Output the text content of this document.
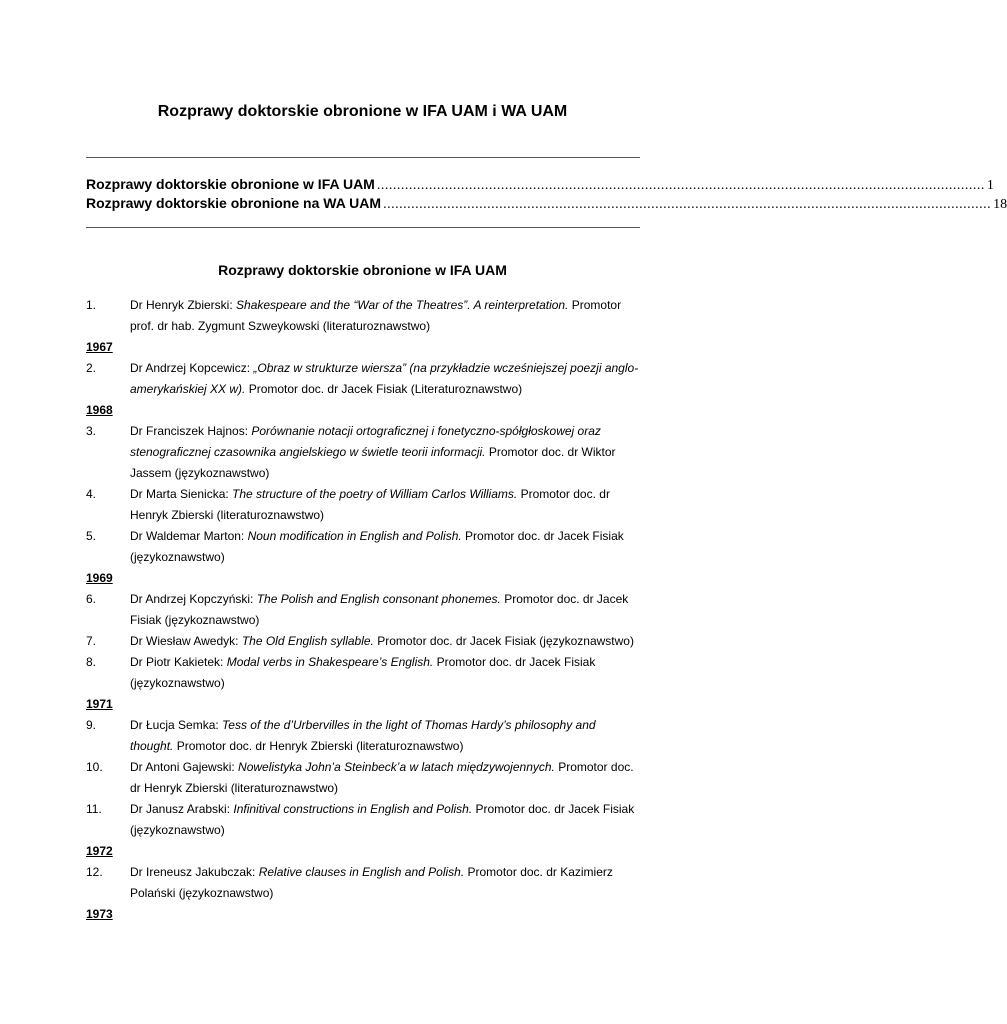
Rozprawy doktorskie obronione w IFA UAM i WA UAM
Rozprawy doktorskie obronione w IFA UAM ........................................................................................................................................................ 1
Rozprawy doktorskie obronione na WA UAM ........................................................................................................................................................ 18
Rozprawy doktorskie obronione w IFA UAM
1.	Dr Henryk Zbierski: Shakespeare and the “War of the Theatres”. A reinterpretation. Promotor prof. dr hab. Zygmunt Szweykowski (literaturoznawstwo)
1967
2.	Dr Andrzej Kopcewicz: „Obraz w strukturze wiersza” (na przykładzie wcześniejszej poezji anglo-amerykańskiej XX w). Promotor doc. dr Jacek Fisiak (Literaturoznawstwo)
1968
3.	Dr Franciszek Hajnos: Porównanie notacji ortograficznej i fonetyczno-spółgłoskowej oraz stenograficznej czasownika angielskiego w świetle teorii informacji. Promotor doc. dr Wiktor Jassem (językoznawstwo)
4.	Dr Marta Sienicka: The structure of the poetry of William Carlos Williams. Promotor doc. dr Henryk Zbierski (literaturoznawstwo)
5.	Dr Waldemar Marton: Noun modification in English and Polish. Promotor doc. dr Jacek Fisiak (językoznawstwo)
1969
6.	Dr Andrzej Kopczyński: The Polish and English consonant phonemes. Promotor doc. dr Jacek Fisiak (językoznawstwo)
7.	Dr Wiesław Awedyk: The Old English syllable. Promotor doc. dr Jacek Fisiak (językoznawstwo)
8.	Dr Piotr Kakietek: Modal verbs in Shakespeare’s English. Promotor doc. dr Jacek Fisiak (językoznawstwo)
1971
9.	Dr Łucja Semka: Tess of the d’Urbervilles in the light of Thomas Hardy’s philosophy and thought. Promotor doc. dr Henryk Zbierski (literaturoznawstwo)
10. Dr Antoni Gajewski: Nowelistyka John’a Steinbeck’a w latach międzywojennych. Promotor doc. dr Henryk Zbierski (literaturoznawstwo)
11. Dr Janusz Arabski: Infinitival constructions in English and Polish. Promotor doc. dr Jacek Fisiak (językoznawstwo)
1972
12. Dr Ireneusz Jakubczak: Relative clauses in English and Polish. Promotor doc. dr Kazimierz Polański (językoznawstwo)
1973
